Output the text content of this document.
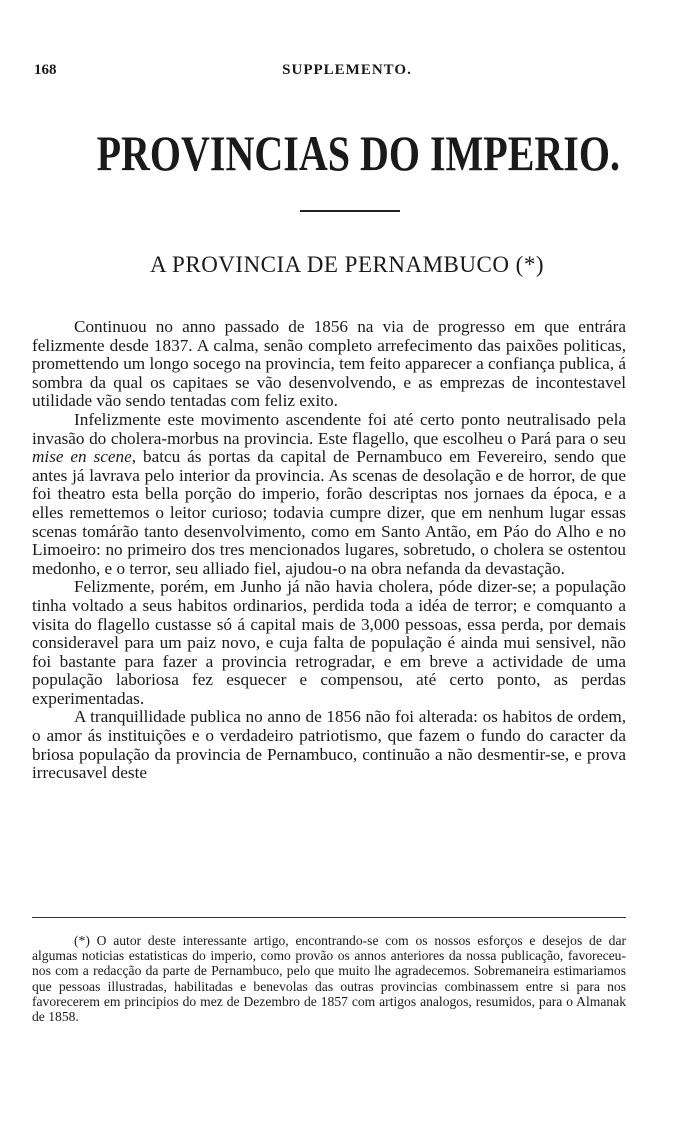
168	SUPPLEMENTO.
PROVINCIAS DO IMPERIO.
A PROVINCIA DE PERNAMBUCO (*)

Continuou no anno passado de 1856 na via de progresso em que entrára felizmente desde 1837. A calma, senão completo arrefecimento das paixões politicas, promettendo um longo socego na provincia, tem feito apparecer a confiança publica, á sombra da qual os capitaes se vão desenvolvendo, e as emprezas de incontestavel utilidade vão sendo tentadas com feliz exito.

Infelizmente este movimento ascendente foi até certo ponto neutralisado pela invasão do cholera-morbus na provincia. Este flagello, que escolheu o Pará para o seu mise en scene, batcu ás portas da capital de Pernambuco em Fevereiro, sendo que antes já lavrava pelo interior da provincia. As scenas de desolação e de horror, de que foi theatro esta bella porção do imperio, forão descriptas nos jornaes da época, e a elles remettemos o leitor curioso; todavia cumpre dizer, que em nenhum lugar essas scenas tomárão tanto desenvolvimento, como em Santo Antão, em Páo do Alho e no Limoeiro: no primeiro dos tres mencionados lugares, sobretudo, o cholera se ostentou medonho, e o terror, seu alliado fiel, ajudou-o na obra nefanda da devastação.

Felizmente, porém, em Junho já não havia cholera, póde dizer-se; a população tinha voltado a seus habitos ordinarios, perdida toda a idéa de terror; e comquanto a visita do flagello custasse só á capital mais de 3,000 pessoas, essa perda, por demais consideravel para um paiz novo, e cuja falta de população é ainda mui sensivel, não foi bastante para fazer a provincia retrogradar, e em breve a actividade de uma população laboriosa fez esquecer e compensou, até certo ponto, as perdas experimentadas.

A tranquillidade publica no anno de 1856 não foi alterada: os habitos de ordem, o amor ás instituições e o verdadeiro patriotismo, que fazem o fundo do caracter da briosa população da provincia de Pernambuco, continuão a não desmentir-se, e prova irrecusavel deste

(*) O autor deste interessante artigo, encontrando-se com os nossos esforços e desejos de dar algumas noticias estatisticas do imperio, como provão os annos anteriores da nossa publicação, favoreceu-nos com a redacção da parte de Pernambuco, pelo que muito lhe agradecemos. Sobremaneira estimariamos que pessoas illustradas, habilitadas e benevolas das outras provincias combinassem entre si para nos favorecerem em principios do mez de Dezembro de 1857 com artigos analogos, resumidos, para o Almanak de 1858.
